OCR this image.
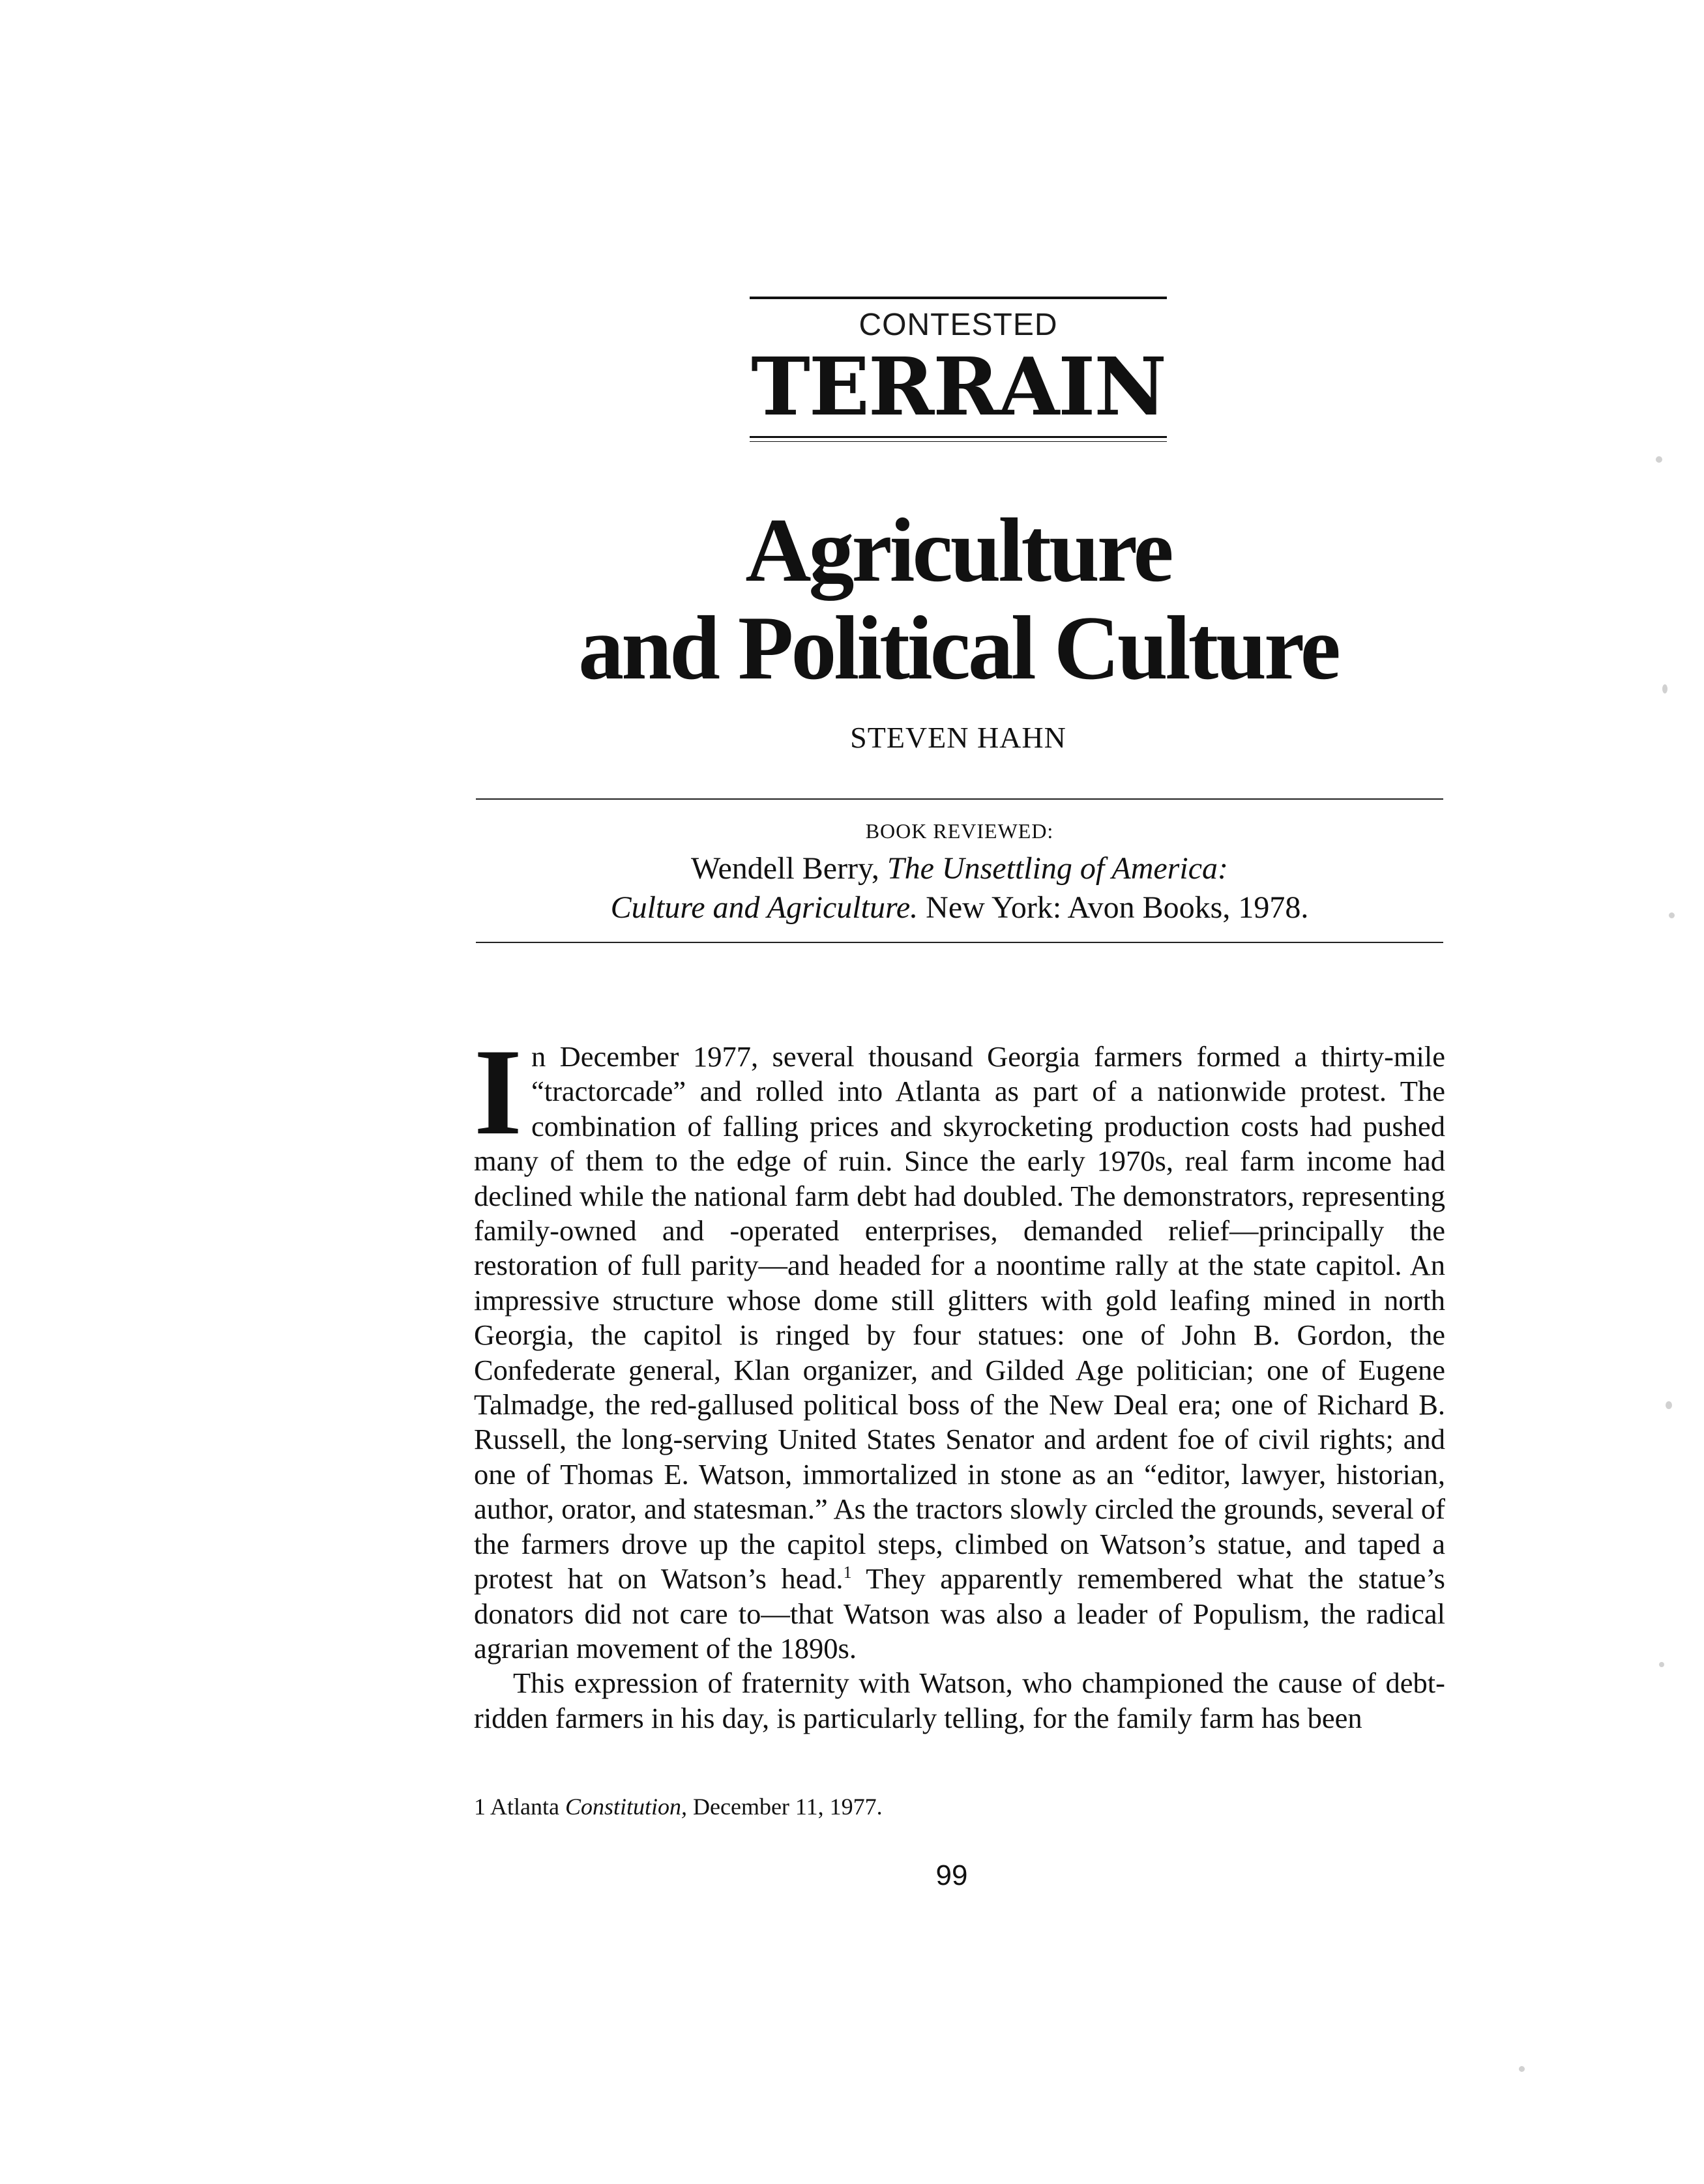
CONTESTED
TERRAIN
Agriculture
and Political Culture
STEVEN HAHN
BOOK REVIEWED:
Wendell Berry, The Unsettling of America:
Culture and Agriculture. New York: Avon Books, 1978.

In December 1977, several thousand Georgia farmers formed a thirty-mile “tractorcade” and rolled into Atlanta as part of a nationwide protest. The combination of falling prices and skyrocketing production costs had pushed many of them to the edge of ruin. Since the early 1970s, real farm income had declined while the national farm debt had doubled. The demonstrators, representing family-owned and -operated enterprises, demanded relief—principally the restoration of full parity—and headed for a noontime rally at the state capitol. An impressive structure whose dome still glitters with gold leafing mined in north Georgia, the capitol is ringed by four statues: one of John B. Gordon, the Confederate general, Klan organizer, and Gilded Age politician; one of Eugene Talmadge, the red-gallused political boss of the New Deal era; one of Richard B. Russell, the long-serving United States Senator and ardent foe of civil rights; and one of Thomas E. Watson, immortalized in stone as an “editor, lawyer, historian, author, orator, and statesman.” As the tractors slowly circled the grounds, several of the farmers drove up the capitol steps, climbed on Watson’s statue, and taped a protest hat on Watson’s head.$^1$ They apparently remembered what the statue’s donators did not care to—that Watson was also a leader of Populism, the radical agrarian movement of the 1890s.

This expression of fraternity with Watson, who championed the cause of debt-ridden farmers in his day, is particularly telling, for the family farm has been

1 Atlanta Constitution, December 11, 1977.
99
